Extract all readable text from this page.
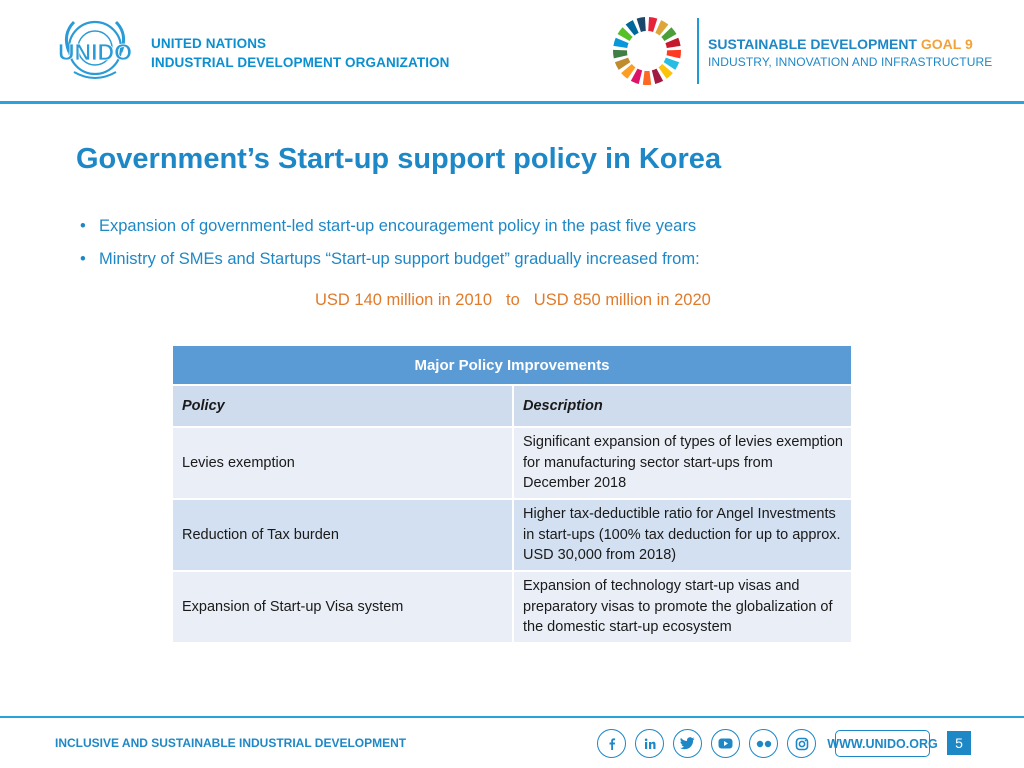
UNIDO UNITED NATIONS
INDUSTRIAL DEVELOPMENT ORGANIZATION
SUSTAINABLE DEVELOPMENT GOAL 9
INDUSTRY, INNOVATION AND INFRASTRUCTURE
Government’s Start-up support policy in Korea
• Expansion of government-led start-up encouragement policy in the past five years
• Ministry of SMEs and Startups “Start-up support budget” gradually increased from:
USD 140 million in 2010 to USD 850 million in 2020
Major Policy Improvements	
Policy	Description
Levies exemption	Significant expansion of types of levies exemption for manufacturing sector start-ups from December 2018
Reduction of Tax burden	Higher tax-deductible ratio for Angel Investments in start-ups (100% tax deduction for up to approx. USD 30,000 from 2018)
Expansion of Start-up Visa system	Expansion of technology start-up visas and preparatory visas to promote the globalization of the domestic start-up ecosystem
INCLUSIVE AND SUSTAINABLE INDUSTRIAL DEVELOPMENT	WWW.UNIDO.ORG	5
